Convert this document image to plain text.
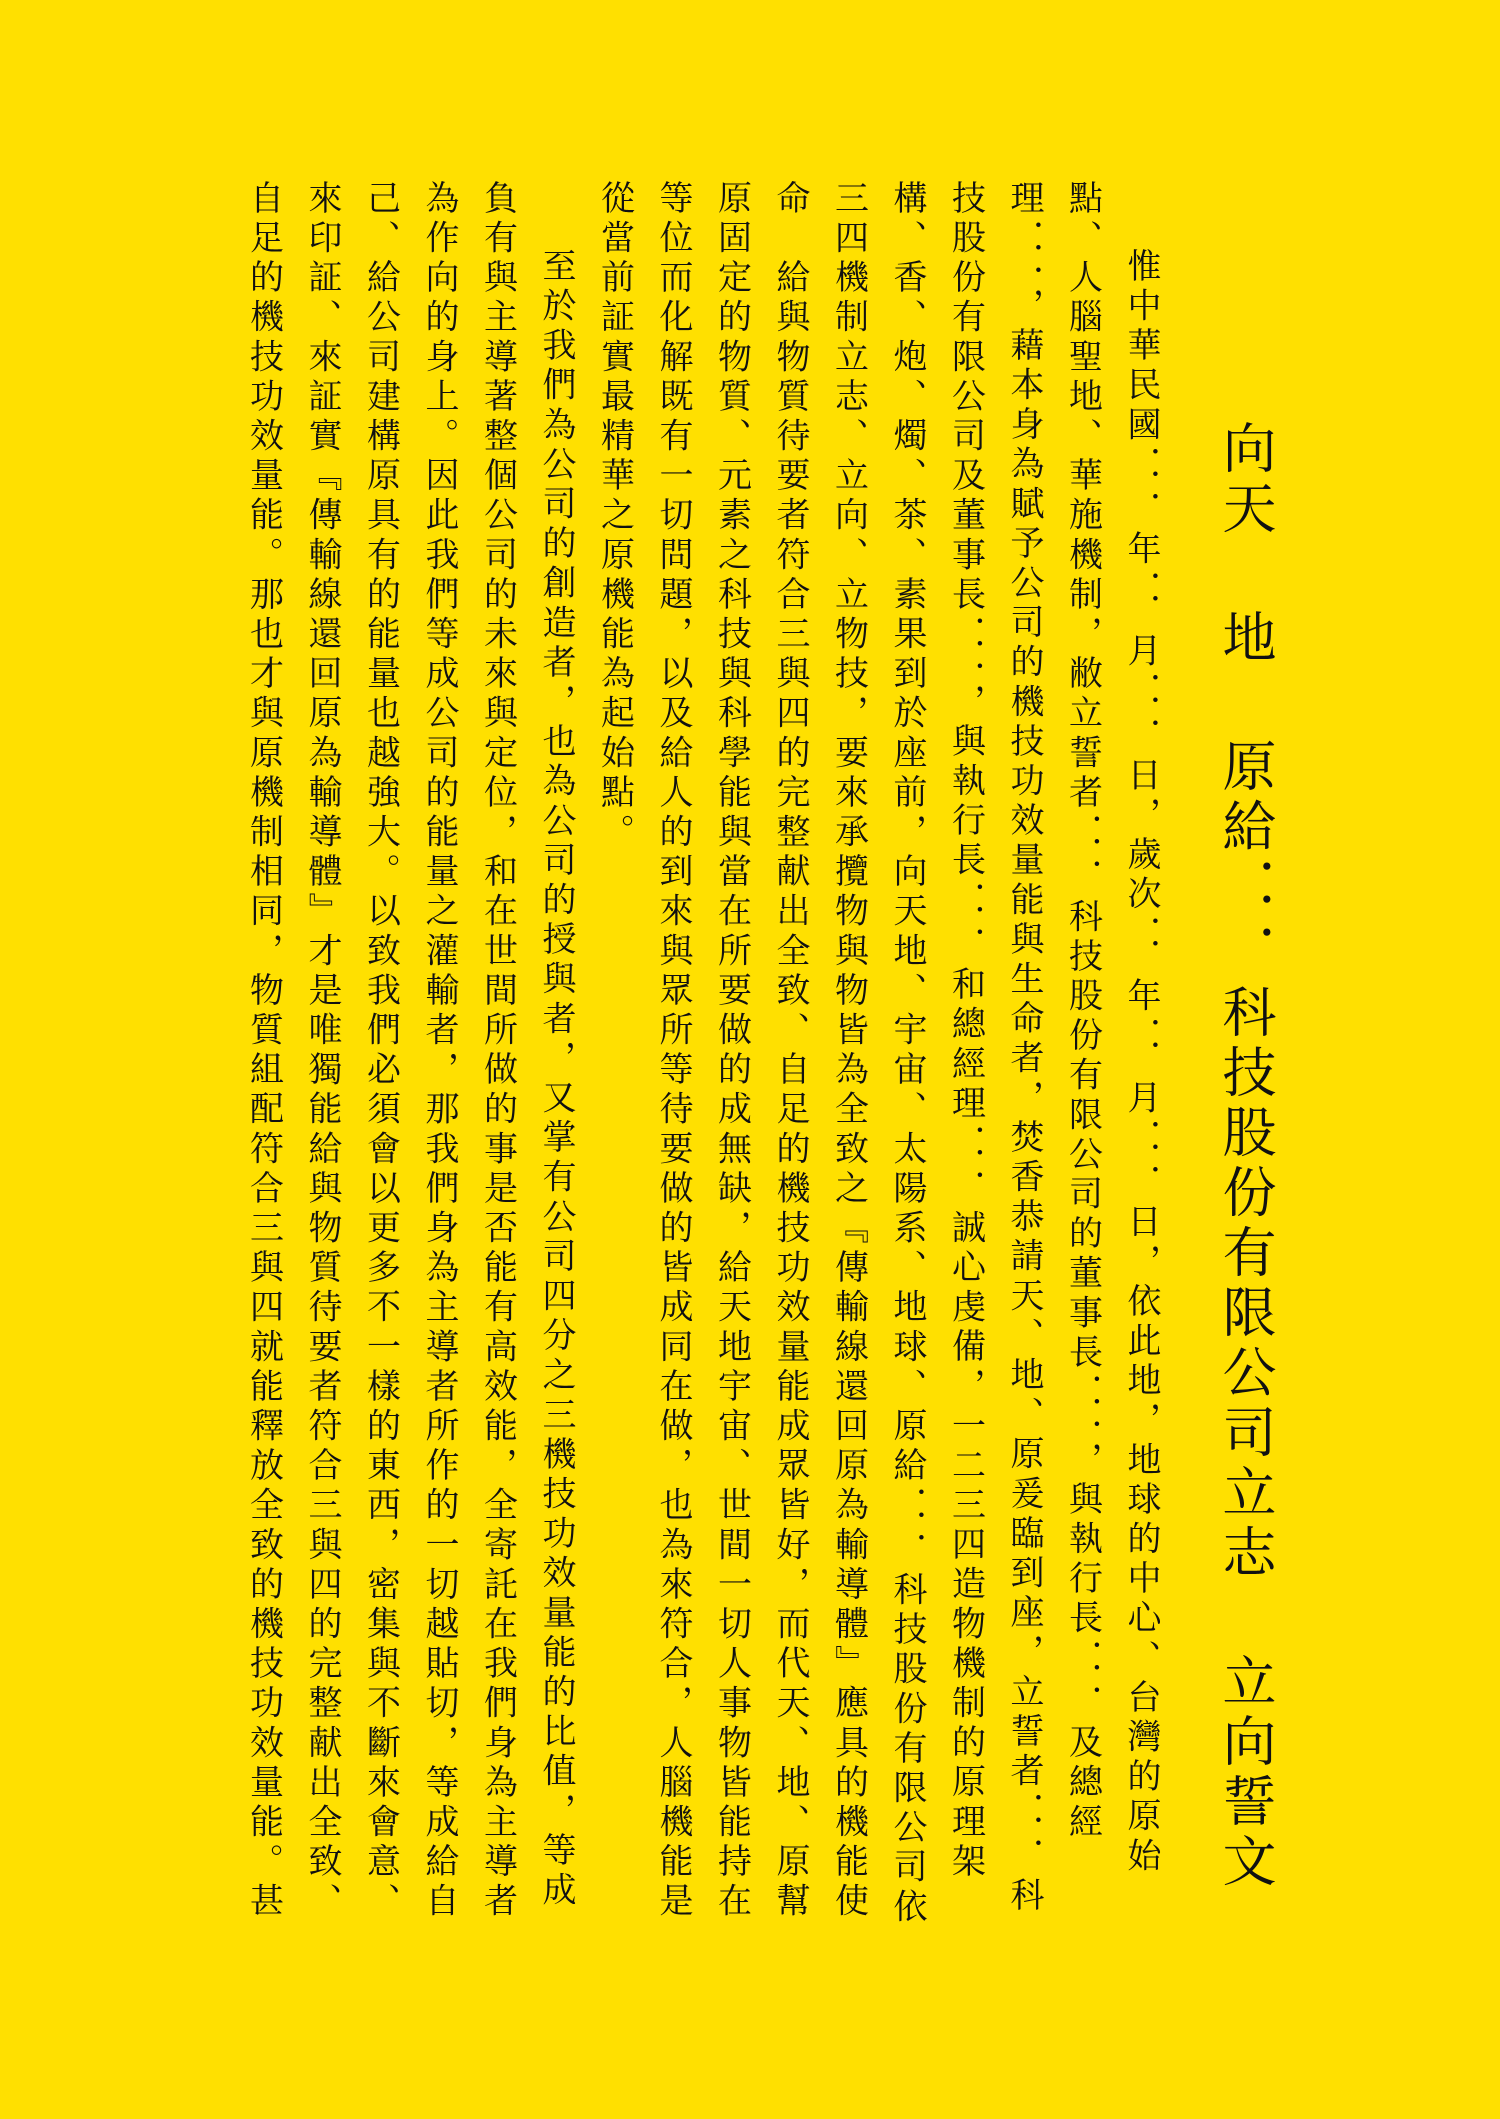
向天 地 原給．．．科技股份有限公司立志 立向誓文

惟中華民國．．．年．．月．．．日，歲次．．年．．月．．．日，依此地，地球的中心、台灣的原始點、人腦聖地、華施機制，敝立誓者．．．科技股份有限公司的董事長．．．，與執行長．．．及總經理．．．，藉本身為賦予公司的機技功效量能與生命者，焚香恭請天、地、原爰臨到座，立誓者．．．科技股份有限公司及董事長．．．，與執行長．．．和總經理．．．誠心虔備，一二三四造物機制的原理架構、香、炮、燭、茶、素果到於座前，向天地、宇宙、太陽系、地球、原給．．．科技股份有限公司依三四機制立志、立向、立物技，要來承攬物與物皆為全致之『傳輸線還回原為輸導體』應具的機能使命　給與物質待要者符合三與四的完整献出全致、自足的機技功效量能成眾皆好，而代天、地、原幫原固定的物質、元素之科技與科學能與當在所要做的成無缺，給天地宇宙、世間一切人事物皆能持在等位而化解既有一切問題，以及給人的到來與眾所等待要做的皆成同在做，也為來符合，人腦機能是從當前証實最精華之原機能為起始點。

至於我們為公司的創造者，也為公司的授與者，又掌有公司四分之三機技功效量能的比值，等成負有與主導著整個公司的未來與定位，和在世間所做的事是否能有高效能，全寄託在我們身為主導者為作向的身上。因此我們等成公司的能量之灌輸者，那我們身為主導者所作的一切越貼切，等成給自己、給公司建構原具有的能量也越強大。以致我們必須會以更多不一樣的東西，密集與不斷來會意、來印証、來証實『傳輸線還回原為輸導體』才是唯獨能給與物質待要者符合三與四的完整献出全致、自足的機技功效量能。那也才與原機制相同，物質組配符合三與四就能釋放全致的機技功效量能。甚
